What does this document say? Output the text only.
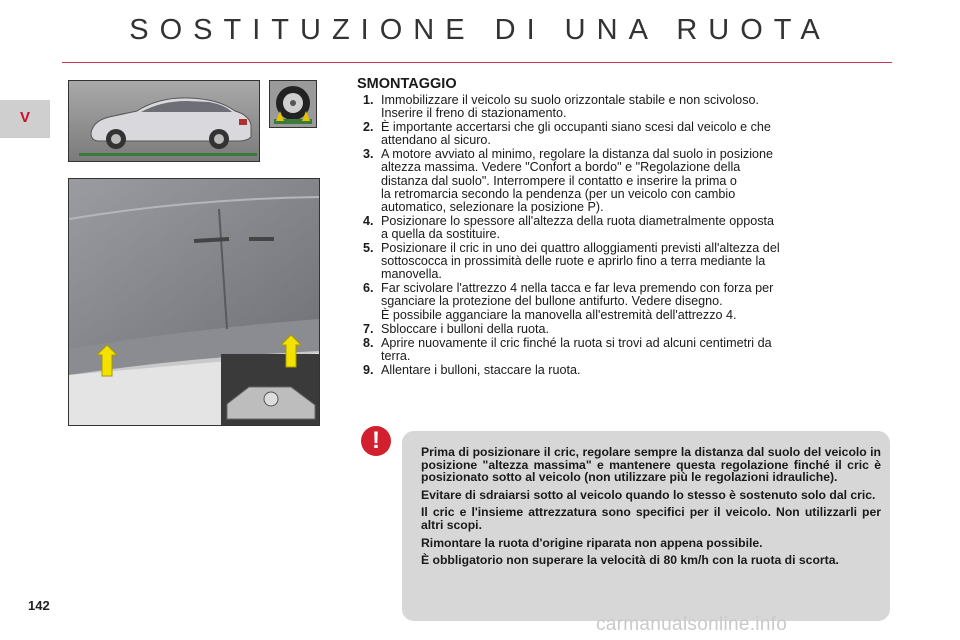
SOSTITUZIONE DI UNA RUOTA
V
SMONTAGGIO
1. Immobilizzare il veicolo su suolo orizzontale stabile e non scivoloso.
Inserire il freno di stazionamento.
2. È importante accertarsi che gli occupanti siano scesi dal veicolo e che
attendano al sicuro.
3. A motore avviato al minimo, regolare la distanza dal suolo in posizione
altezza massima. Vedere "Confort a bordo" e "Regolazione della
distanza dal suolo". Interrompere il contatto e inserire la prima o
la retromarcia secondo la pendenza (per un veicolo con cambio
automatico, selezionare la posizione P).
4. Posizionare lo spessore all'altezza della ruota diametralmente opposta
a quella da sostituire.
5. Posizionare il cric in uno dei quattro alloggiamenti previsti all'altezza del
sottoscocca in prossimità delle ruote e aprirlo fino a terra mediante la
manovella.
6. Far scivolare l'attrezzo 4 nella tacca e far leva premendo con forza per
sganciare la protezione del bullone antifurto. Vedere disegno.
È possibile agganciare la manovella all'estremità dell'attrezzo 4.
7. Sbloccare i bulloni della ruota.
8. Aprire nuovamente il cric finché la ruota si trovi ad alcuni centimetri da
terra.
9. Allentare i bulloni, staccare la ruota.
!	Prima di posizionare il cric, regolare sempre la distanza dal suolo del veicolo in posizione "altezza massima" e mantenere questa regolazione finché il cric è posizionato sotto al veicolo (non utilizzare più le regolazioni idrauliche).

Evitare di sdraiarsi sotto al veicolo quando lo stesso è sostenuto solo dal cric.

Il cric e l'insieme attrezzatura sono specifici per il veicolo. Non utilizzarli per altri scopi.

Rimontare la ruota d'origine riparata non appena possibile.

È obbligatorio non superare la velocità di 80 km/h con la ruota di scorta.

142
carmanualsonline.info
